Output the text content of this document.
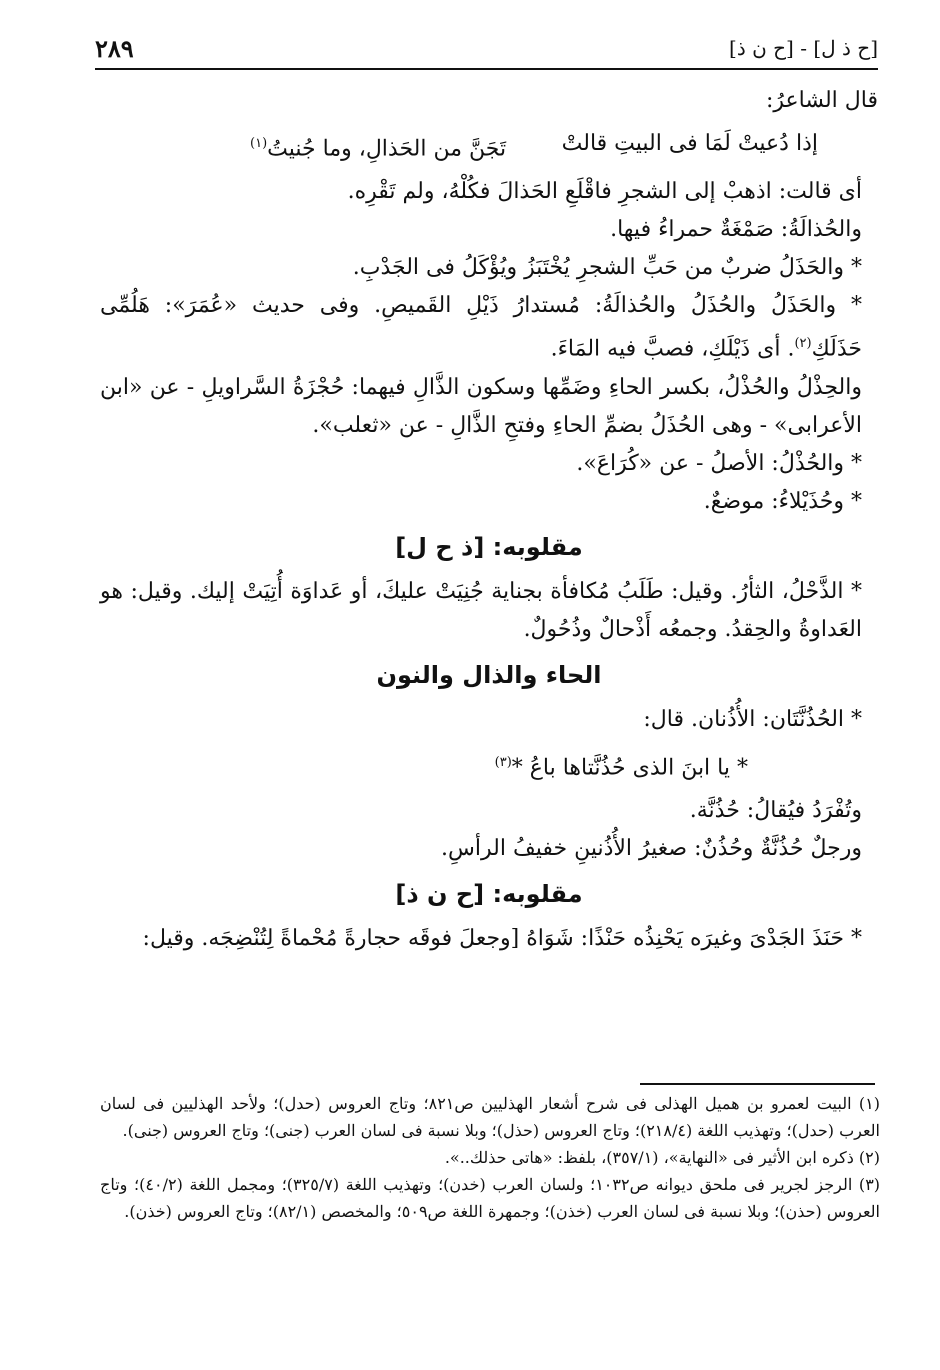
[ح ذ ل] - [ح ن ذ]
٢٨٩

قال الشاعرُ:

إذا دُعيتْ لَمَا فى البيتِ قالتْ
تَجَنَّ من الحَذالِ، وما جُنيتُ$^{(١)}$

أى قالت: اذهبْ إلى الشجرِ فاقْلَعِ الحَذالَ فكُلْهُ، ولم تَقْرِه.

والحُذالَةُ: صَمْغَةٌ حمراءُ فيها.

* والحَذَلُ ضربٌ من حَبِّ الشجرِ يُخْتَبَزُ ويُؤْكَلُ فى الجَدْبِ.

* والحَذَلُ والحُذَلُ والحُذالَةُ: مُستدارُ ذَيْلِ القَميصِ. وفى حديث «عُمَرَ»: هَلُمِّى حَذَلَكِ$^{(٢)}$. أى ذَيْلَكِ، فصبَّ فيه المَاءَ.

والحِذْلُ والحُذْلُ، بكسر الحاءِ وضَمِّها وسكون الذَّالِ فيهما: حُجْزَةُ السَّراويلِ - عن «ابن الأعرابى» - وهى الحُذَلُ بضمِّ الحاءِ وفتحِ الذَّالِ - عن «ثعلب».

* والحُذْلُ: الأصلُ - عن «كُرَاعَ».

* وحُذَيْلاءُ: موضعٌ.

مقلوبه: [ذ ح ل]

* الذَّحْلُ، الثأرُ. وقيل: طَلَبُ مُكافأة بجناية جُنِيَتْ عليكَ، أو عَداوَة أُتِيَتْ إليك. وقيل: هو العَداوةُ والحِقدُ. وجمعُه أَذْحالٌ وذُحُولٌ.

الحاء والذال والنون

* الحُذُنَّتَان: الأُذُنان. قال:

* يا ابنَ الذى حُذُنَّتاها باعُ *$^{(٣)}$

وتُفْرَدُ فيُقالُ: حُذُنَّة.

ورجلٌ حُذُنَّةٌ وحُذُنٌ: صغيرُ الأُذُنينِ خفيفُ الرأسِ.

مقلوبه: [ح ن ذ]

* حَنَذَ الجَدْىَ وغيرَه يَحْنِذُه حَنْذًا: شَوَاهُ [وجعلَ فوقَه حجارةً مُحْماةً لِتُنْضِجَه. وقيل:

(١) البيت لعمرو بن هميل الهذلى فى شرح أشعار الهذليين ص٨٢١؛ وتاج العروس (حدل)؛ ولأحد الهذليين فى لسان العرب (حدل)؛ وتهذيب اللغة (٢١٨/٤)؛ وتاج العروس (حذل)؛ وبلا نسبة فى لسان العرب (جنى)؛ وتاج العروس (جنى).

(٢) ذكره ابن الأثير فى «النهاية»، (٣٥٧/١)، بلفظ: «هاتى حذلك..».

(٣) الرجز لجرير فى ملحق ديوانه ص١٠٣٢؛ ولسان العرب (خدن)؛ وتهذيب اللغة (٣٢٥/٧)؛ ومجمل اللغة (٤٠/٢)؛ وتاج العروس (حذن)؛ وبلا نسبة فى لسان العرب (خذن)؛ وجمهرة اللغة ص٥٠٩؛ والمخصص (٨٢/١)؛ وتاج العروس (خذن).
